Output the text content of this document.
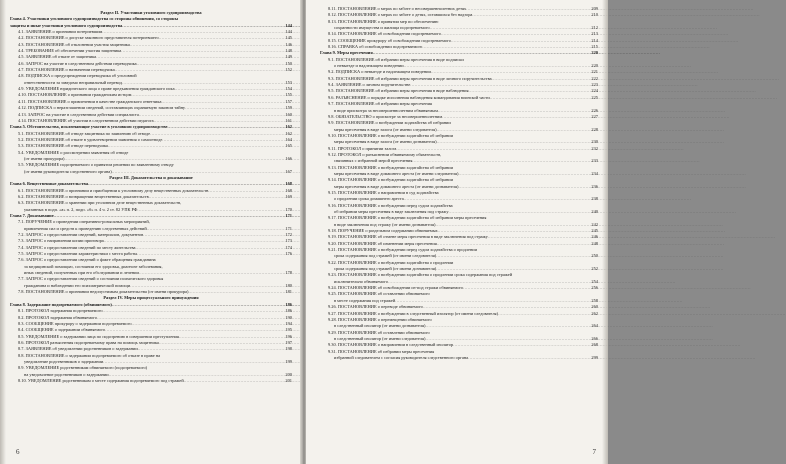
Раздел II. Участники уголовного судопроизводства
Глава 4. Участники уголовного судопроизводства со стороны обвинения, со стороны
защиты и иные участники уголовного судопроизводства .....	144
4.1. ЗАЯВЛЕНИЕ о признании потерпевшим .....	144
4.2. ПОСТАНОВЛЕНИЕ о допуске законного представителя потерпевшего .....	145
4.3. ПОСТАНОВЛЕНИЕ об отклонении участия защитника .....	146
4.4. ТРЕБОВАНИЕ об обеспечении участия защитника .....	148
4.5. ЗАЯВЛЕНИЕ об отказе от защитника .....	149
4.6. ЗАПРОС на участие в следственном действии переводчика .....	150
4.7. ПОСТАНОВЛЕНИЕ о назначении переводчика .....	152
4.8. ПОДПИСКА о предупреждении переводчика об уголовной
ответственности за заведомо неправильный перевод .....	153
4.9. УВЕДОМЛЕНИЕ юридического лица о праве предъявления гражданского иска .....	154
4.10. ПОСТАНОВЛЕНИЕ о признании гражданским истцом .....	155
4.11. ПОСТАНОВЛЕНИЕ о привлечении в качестве гражданского ответчика .....	157
4.12. ПОДПИСКА о неразглашении сведений, составляющих охраняемую законом тайну .....	159
4.13. ЗАПРОС на участие в следственном действии специалиста .....	160
4.14. ПОСТАНОВЛЕНИЕ об участии в следственном действии педагога .....	161
Глава 5. Обстоятельства, исключающие участие в уголовном судопроизводстве .....	162
5.1. ПОСТАНОВЛЕНИЕ об отводе защитника по заявлению об отводе .....	162
5.2. ПОСТАНОВЛЕНИЕ об отказе в удовлетворении заявления о самоотводе .....	164
5.3. ПОСТАНОВЛЕНИЕ об отводе переводчика .....	165
5.4. УВЕДОМЛЕНИЕ о рассмотрении заявления об отводе
(от имени прокурора) .....	166
5.5. УВЕДОМЛЕНИЕ подозреваемого о принятом решении по заявленному отводу
(от имени руководителя следственного органа) .....	167
Раздел III. Доказательства и доказывание
Глава 6. Вещественные доказательства .....	168
6.1. ПОСТАНОВЛЕНИЕ о признании и приобщении к уголовному делу вещественных доказательств .....	168
6.2. ПОСТАНОВЛЕНИЕ о возвращении вещественных доказательств .....	169
6.3. ПОСТАНОВЛЕНИЕ о хранении при уголовном деле вещественных доказательств,
указанных в подп. «а» п. 2, подп. «б» п. 4 ч. 2 ст. 82 УПК РФ .....	170
Глава 7. Доказывание .....	171
7.1. ПОРУЧЕНИЕ о проведении оперативно-розыскных мероприятий,
привлечения сил и средств к проведению следственных действий .....	171
7.2. ЗАПРОС о предоставлении сведений, материалов, документов .....	172
7.3. ЗАПРОС о направлении копии приговора .....	173
7.4. ЗАПРОС о предоставлении сведений по месту жительства .....	174
7.5. ЗАПРОС о предоставлении характеристики с места работы .....	176
7.6. ЗАПРОС о предоставлении сведений о факте обращения гражданина
за медицинской помощью, состоянии его здоровья, диагнозе заболевания,
иных сведений, полученных при его обследовании и лечении .....	178
7.7. ЗАПРОС о предоставлении сведений о состоянии психического здоровья
гражданина и наблюдении его психиатрической помощи .....	180
7.8. ПОСТАНОВЛЕНИЕ о признании недопустимым доказательства (от имени прокурора) .....	181
Раздел IV. Меры процессуального принуждения
Глава 8. Задержание подозреваемого (обвиняемого) .....	186
8.1. ПРОТОКОЛ задержания подозреваемого .....	186
8.2. ПРОТОКОЛ задержания обвиняемого .....	190
8.3. СООБЩЕНИЕ прокурору о задержании подозреваемого .....	194
8.4. СООБЩЕНИЕ о задержании обвиняемого .....	195
8.5. УВЕДОМЛЕНИЕ о задержании лица по подозрению в совершении преступления .....	196
8.6. ПРОТОКОЛ разъяснения подозреваемому права на помощь защитника .....	197
8.7. ЗАЯВЛЕНИЕ об уведомлении родственников о задержании .....	198
8.8. ПОСТАНОВЛЕНИЕ о задержании подозреваемого об отказе в праве на
уведомление родственников о задержании .....	199
8.9. УВЕДОМЛЕНИЕ родственникам обвиняемого (подозреваемого)
на уведомление родственников о задержании .....	200
8.10. УВЕДОМЛЕНИЕ родственникам о месте содержания подозреваемого под стражей .....	201
6
8.11. ПОСТАНОВЛЕНИЕ о мерах по заботе о несовершеннолетних детях .....	209
8.12. ПОСТАНОВЛЕНИЕ о мерах по заботе о детях, оставшихся без надзора .....	210
8.13. ПОСТАНОВЛЕНИЕ о принятии мер по обеспечению
сохранности имущества и жилища подозреваемого .....	212
8.14. ПОСТАНОВЛЕНИЕ об освобождении подозреваемого .....	213
8.15. СООБЩЕНИЕ прокурору об освобождении подозреваемого .....	214
8.16. СПРАВКА об освобождении подозреваемого .....	215
Глава 9. Меры пресечения .....	220
9.1. ПОСТАНОВЛЕНИЕ об избрании меры пресечения в виде подписки
о невыезде и надлежащем поведении .....	220
9.2. ПОДПИСКА о невыезде и надлежащем поведении .....	221
9.3. ПОСТАНОВЛЕНИЕ об избрании меры пресечения в виде личного поручительства .....	222
9.4. ЗАЯВЛЕНИЕ о личном поручительстве .....	223
9.5. ПОСТАНОВЛЕНИЕ об избрании меры пресечения в виде наблюдения .....	224
9.6. РАЗЪЯСНЕНИЕ о порядке исполнения наблюдения командования воинской части .....	225
9.7. ПОСТАНОВЛЕНИЕ об избрании меры пресечения
в виде присмотра за несовершеннолетним обвиняемым .....	226
9.8. ОБЯЗАТЕЛЬСТВО о присмотре за несовершеннолетним .....	227
9.9. ПОСТАНОВЛЕНИЕ о возбуждении ходатайства об избрании
меры пресечения в виде залога (от имени следователя) .....	228
9.10. ПОСТАНОВЛЕНИЕ о возбуждении ходатайства об избрании
меры пресечения в виде залога (от имени дознавателя) .....	230
9.11. ПРОТОКОЛ о принятии залога .....	232
9.12. ПРОТОКОЛ о разъяснении обвиняемому обязательств,
связанных с избранной мерой пресечения .....	233
9.13. ПОСТАНОВЛЕНИЕ о возбуждении ходатайства об избрании
меры пресечения в виде домашнего ареста (от имени следователя) .....	234
9.14. ПОСТАНОВЛЕНИЕ о возбуждении ходатайства об избрании
меры пресечения в виде домашнего ареста (от имени дознавателя) .....	236
9.15. ПОСТАНОВЛЕНИЕ о направлении в суд ходатайства
о продлении срока домашнего ареста .....	238
9.16. ПОСТАНОВЛЕНИЕ о возбуждении перед судом ходатайства
об избрании меры пресечения в виде заключения под стражу .....	240
9.17. ПОСТАНОВЛЕНИЕ о возбуждении ходатайства об избрании меры пресечения
в виде заключения под стражу (от имени дознавателя) .....	242
9.18. ПОРУЧЕНИЕ о раздельном содержании обвиняемых .....	245
9.19. ПОСТАНОВЛЕНИЕ об отмене меры пресечения в виде заключения под стражу .....	246
9.20. ПОСТАНОВЛЕНИЕ об изменении меры пресечения .....	248
9.21. ПОСТАНОВЛЕНИЕ о возбуждении перед судом ходатайства о продлении
срока содержания под стражей (от имени следователя) .....	250
9.22. ПОСТАНОВЛЕНИЕ о возбуждении ходатайства о продлении
срока содержания под стражей (от имени дознавателя) .....	252
9.23. ПОСТАНОВЛЕНИЕ о возбуждении ходатайства о продлении срока содержания под стражей
исключительно обвиняемого .....	254
9.24. ПОСТАНОВЛЕНИЕ об освобождении из-под стражи обвиняемого .....	256
9.25. ПОСТАНОВЛЕНИЕ об оставлении обвиняемого
в месте содержания под стражей .....	258
9.26. ПОСТАНОВЛЕНИЕ о переводе обвиняемого .....	260
9.27. ПОСТАНОВЛЕНИЕ о возбуждении в следственный изолятор (от имени следователя) .....	262
9.28. ПОСТАНОВЛЕНИЕ о перемещении обвиняемого
в следственный изолятор (от имени дознавателя) .....	264
9.29. ПОСТАНОВЛЕНИЕ об оставлении обвиняемого
в следственный изолятор (от имени следователя) .....	266
9.30. ПОСТАНОВЛЕНИЕ о направлении в следственный изолятор .....	268
9.31. ПОСТАНОВЛЕНИЕ об избрании меры пресечения
избранной следователем с согласия руководителя следственного органа .....	299
7
